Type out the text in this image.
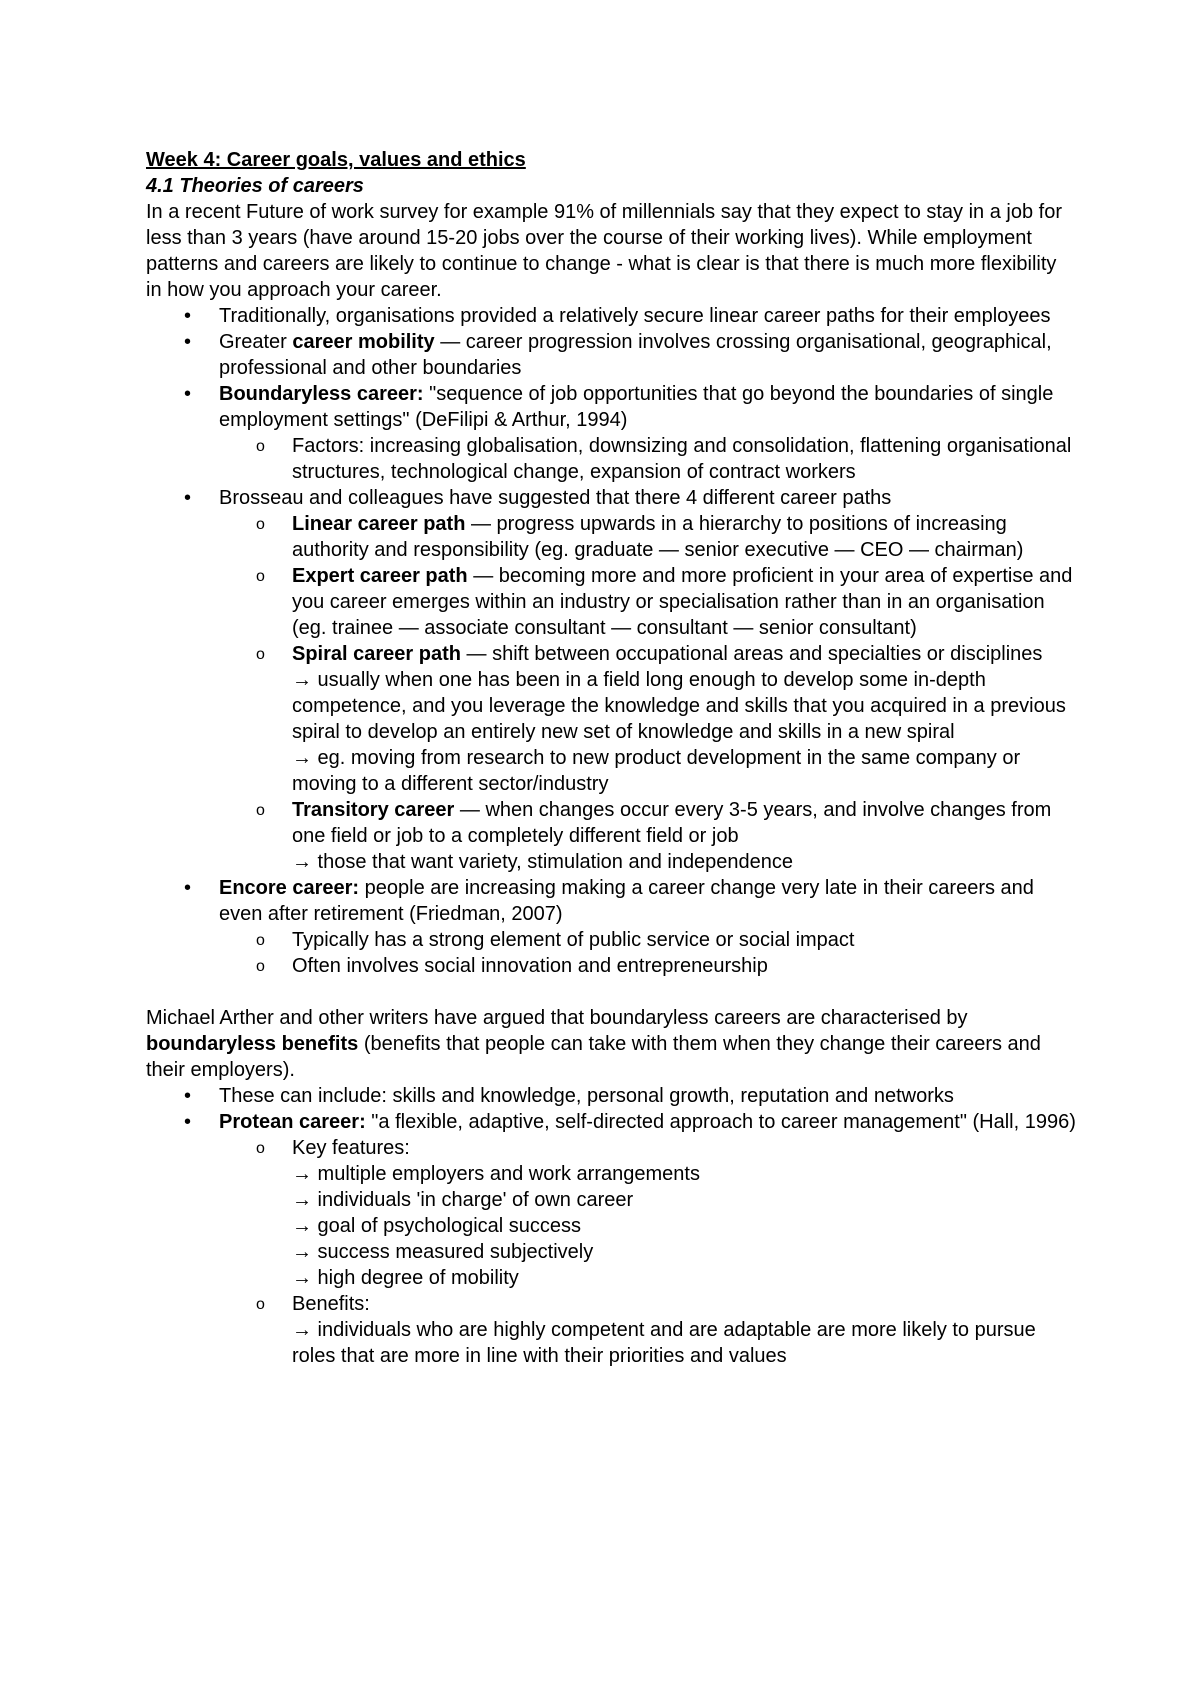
Week 4: Career goals, values and ethics

4.1 Theories of careers

In a recent Future of work survey for example 91% of millennials say that they expect to stay in a job for less than 3 years (have around 15-20 jobs over the course of their working lives). While employment patterns and careers are likely to continue to change - what is clear is that there is much more flexibility in how you approach your career.

• Traditionally, organisations provided a relatively secure linear career paths for their employees
• Greater career mobility — career progression involves crossing organisational, geographical, professional and other boundaries
• Boundaryless career: "sequence of job opportunities that go beyond the boundaries of single employment settings" (DeFilipi & Arthur, 1994)
o Factors: increasing globalisation, downsizing and consolidation, flattening organisational structures, technological change, expansion of contract workers
• Brosseau and colleagues have suggested that there 4 different career paths
o Linear career path — progress upwards in a hierarchy to positions of increasing authority and responsibility (eg. graduate — senior executive — CEO — chairman)
o Expert career path — becoming more and more proficient in your area of expertise and you career emerges within an industry or specialisation rather than in an organisation (eg. trainee — associate consultant — consultant — senior consultant)
o Spiral career path — shift between occupational areas and specialties or disciplines
→ usually when one has been in a field long enough to develop some in-depth competence, and you leverage the knowledge and skills that you acquired in a previous spiral to develop an entirely new set of knowledge and skills in a new spiral
→ eg. moving from research to new product development in the same company or moving to a different sector/industry
o Transitory career — when changes occur every 3-5 years, and involve changes from one field or job to a completely different field or job
→ those that want variety, stimulation and independence
• Encore career: people are increasing making a career change very late in their careers and even after retirement (Friedman, 2007)
o Typically has a strong element of public service or social impact
o Often involves social innovation and entrepreneurship

Michael Arther and other writers have argued that boundaryless careers are characterised by boundaryless benefits (benefits that people can take with them when they change their careers and their employers).

• These can include: skills and knowledge, personal growth, reputation and networks
• Protean career: "a flexible, adaptive, self-directed approach to career management" (Hall, 1996)
o Key features:
→ multiple employers and work arrangements
→ individuals 'in charge' of own career
→ goal of psychological success
→ success measured subjectively
→ high degree of mobility
o Benefits:
→ individuals who are highly competent and are adaptable are more likely to pursue roles that are more in line with their priorities and values
